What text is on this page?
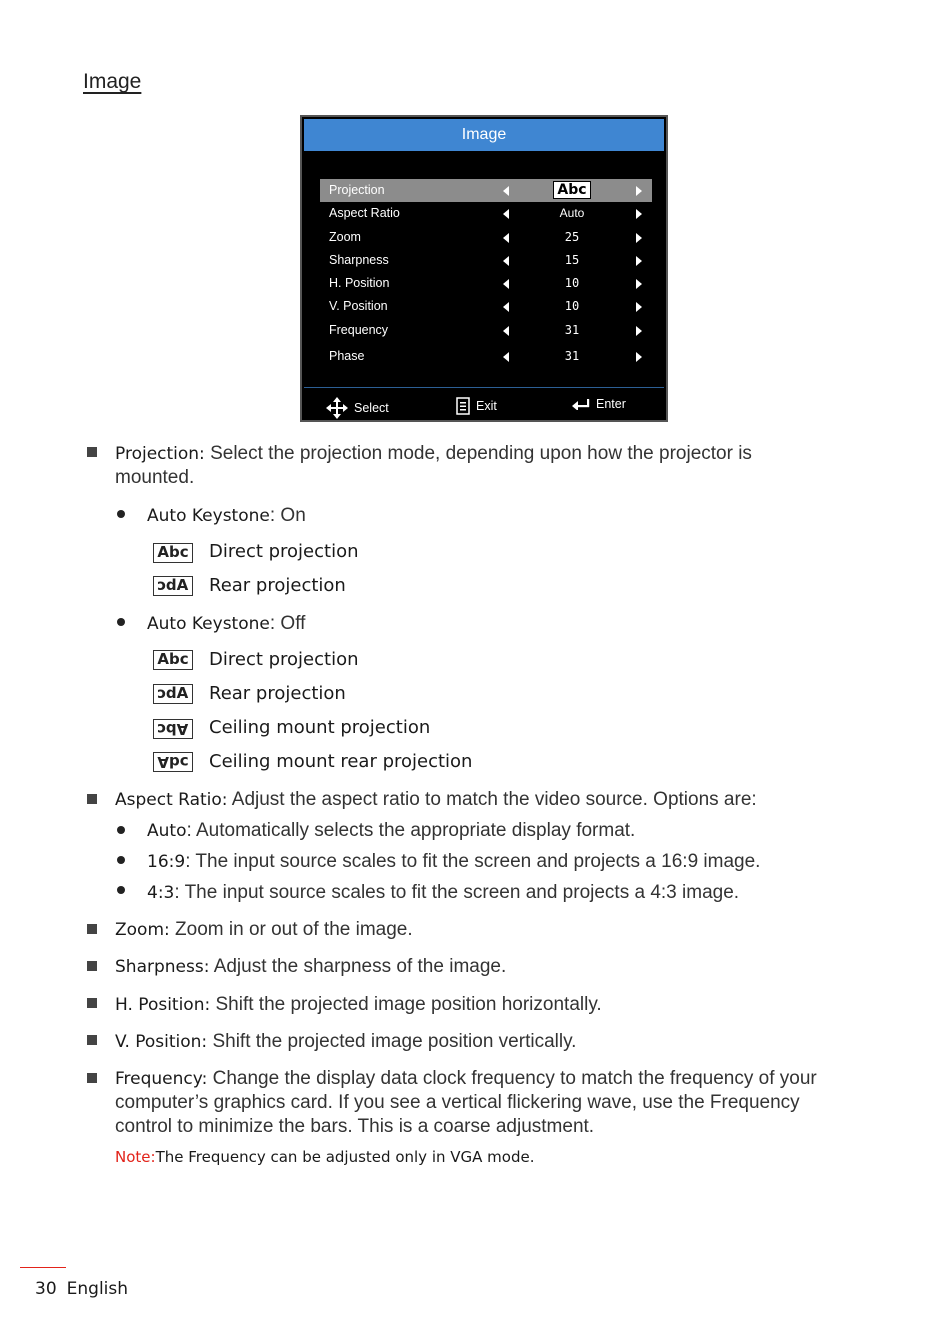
Image
Image
Projection	Abc
Aspect Ratio	Auto
Zoom	25
Sharpness	15
H. Position	10
V. Position	10
Frequency	31
Phase	31
Select	Exit	Enter
Projection: Select the projection mode, depending upon how the projector is mounted.
Auto Keystone: On
Abc Direct projection
Abc Rear projection
Auto Keystone: Off
Abc Direct projection
Abc Rear projection
Abc Ceiling mount projection
Abc Ceiling mount rear projection
Aspect Ratio: Adjust the aspect ratio to match the video source. Options are:
Auto: Automatically selects the appropriate display format.
16:9: The input source scales to fit the screen and projects a 16:9 image.
4:3: The input source scales to fit the screen and projects a 4:3 image.
Zoom: Zoom in or out of the image.
Sharpness: Adjust the sharpness of the image.
H. Position: Shift the projected image position horizontally.
V. Position: Shift the projected image position vertically.
Frequency: Change the display data clock frequency to match the frequency of your
computer’s graphics card. If you see a vertical flickering wave, use the Frequency
control to minimize the bars. This is a coarse adjustment.
Note:The Frequency can be adjusted only in VGA mode.
30 English
